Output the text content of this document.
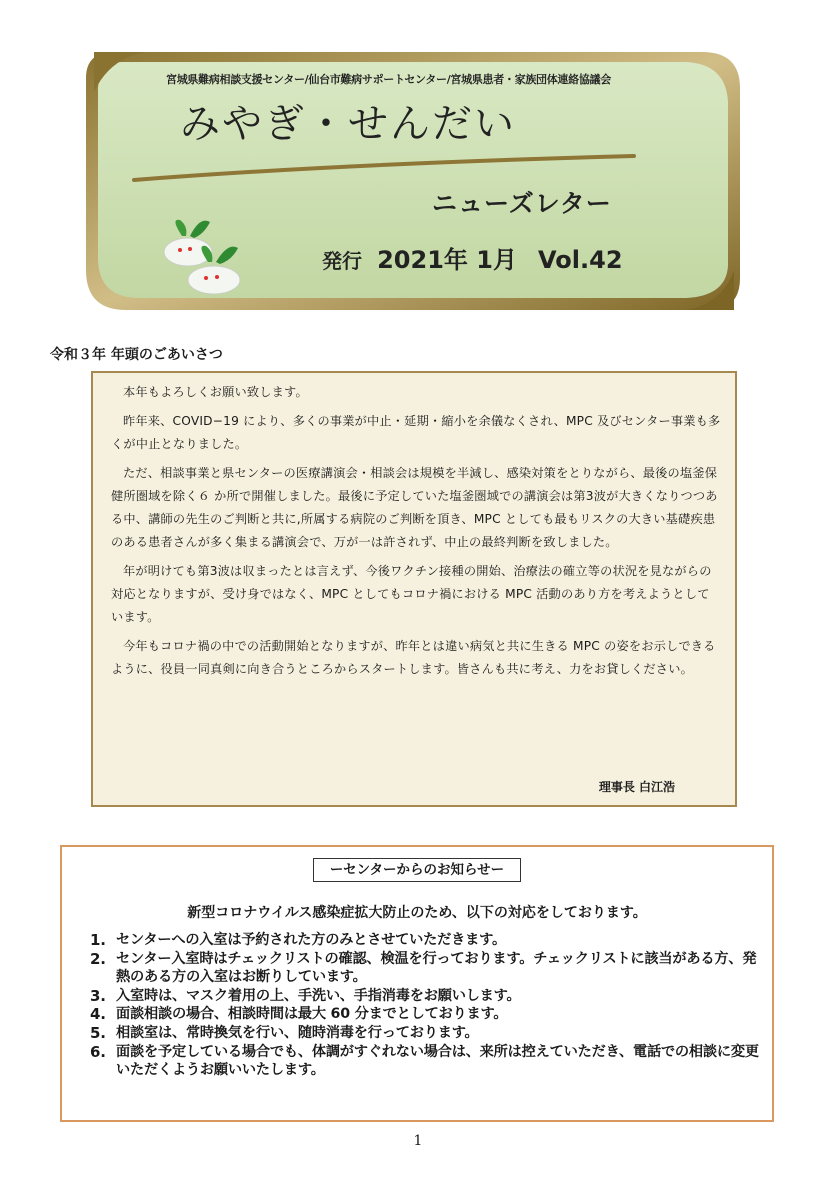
宮城県難病相談支援センター/仙台市難病サポートセンター/宮城県患者・家族団体連絡協議会
みやぎ・せんだい
ニューズレター
発行 2021年 1月 Vol.42
令和３年 年頭のごあいさつ

本年もよろしくお願い致します。

昨年来、COVID−19 により、多くの事業が中止・延期・縮小を余儀なくされ、MPC 及びセンター事業も多くが中止となりました。

ただ、相談事業と県センターの医療講演会・相談会は規模を半減し、感染対策をとりながら、最後の塩釜保健所圏域を除く６ か所で開催しました。最後に予定していた塩釜圏域での講演会は第3波が大きくなりつつある中、講師の先生のご判断と共に,所属する病院のご判断を頂き、MPC としても最もリスクの大きい基礎疾患のある患者さんが多く集まる講演会で、万が一は許されず、中止の最終判断を致しました。

年が明けても第3波は収まったとは言えず、今後ワクチン接種の開始、治療法の確立等の状況を見ながらの対応となりますが、受け身ではなく、MPC としてもコロナ禍における MPC 活動のあり方を考えようとしています。

今年もコロナ禍の中での活動開始となりますが、昨年とは違い病気と共に生きる MPC の姿をお示しできるように、役員一同真剣に向き合うところからスタートします。皆さんも共に考え、力をお貸しください。

理事長 白江浩
ーセンターからのお知らせー
新型コロナウイルス感染症拡大防止のため、以下の対応をしております。
1. センターへの入室は予約された方のみとさせていただきます。
2. センター入室時はチェックリストの確認、検温を行っております。チェックリストに該当がある方、発熱のある方の入室はお断りしています。
3. 入室時は、マスク着用の上、手洗い、手指消毒をお願いします。
4. 面談相談の場合、相談時間は最大 60 分までとしております。
5. 相談室は、常時換気を行い、随時消毒を行っております。
6. 面談を予定している場合でも、体調がすぐれない場合は、来所は控えていただき、電話での相談に変更いただくようお願いいたします。
1
